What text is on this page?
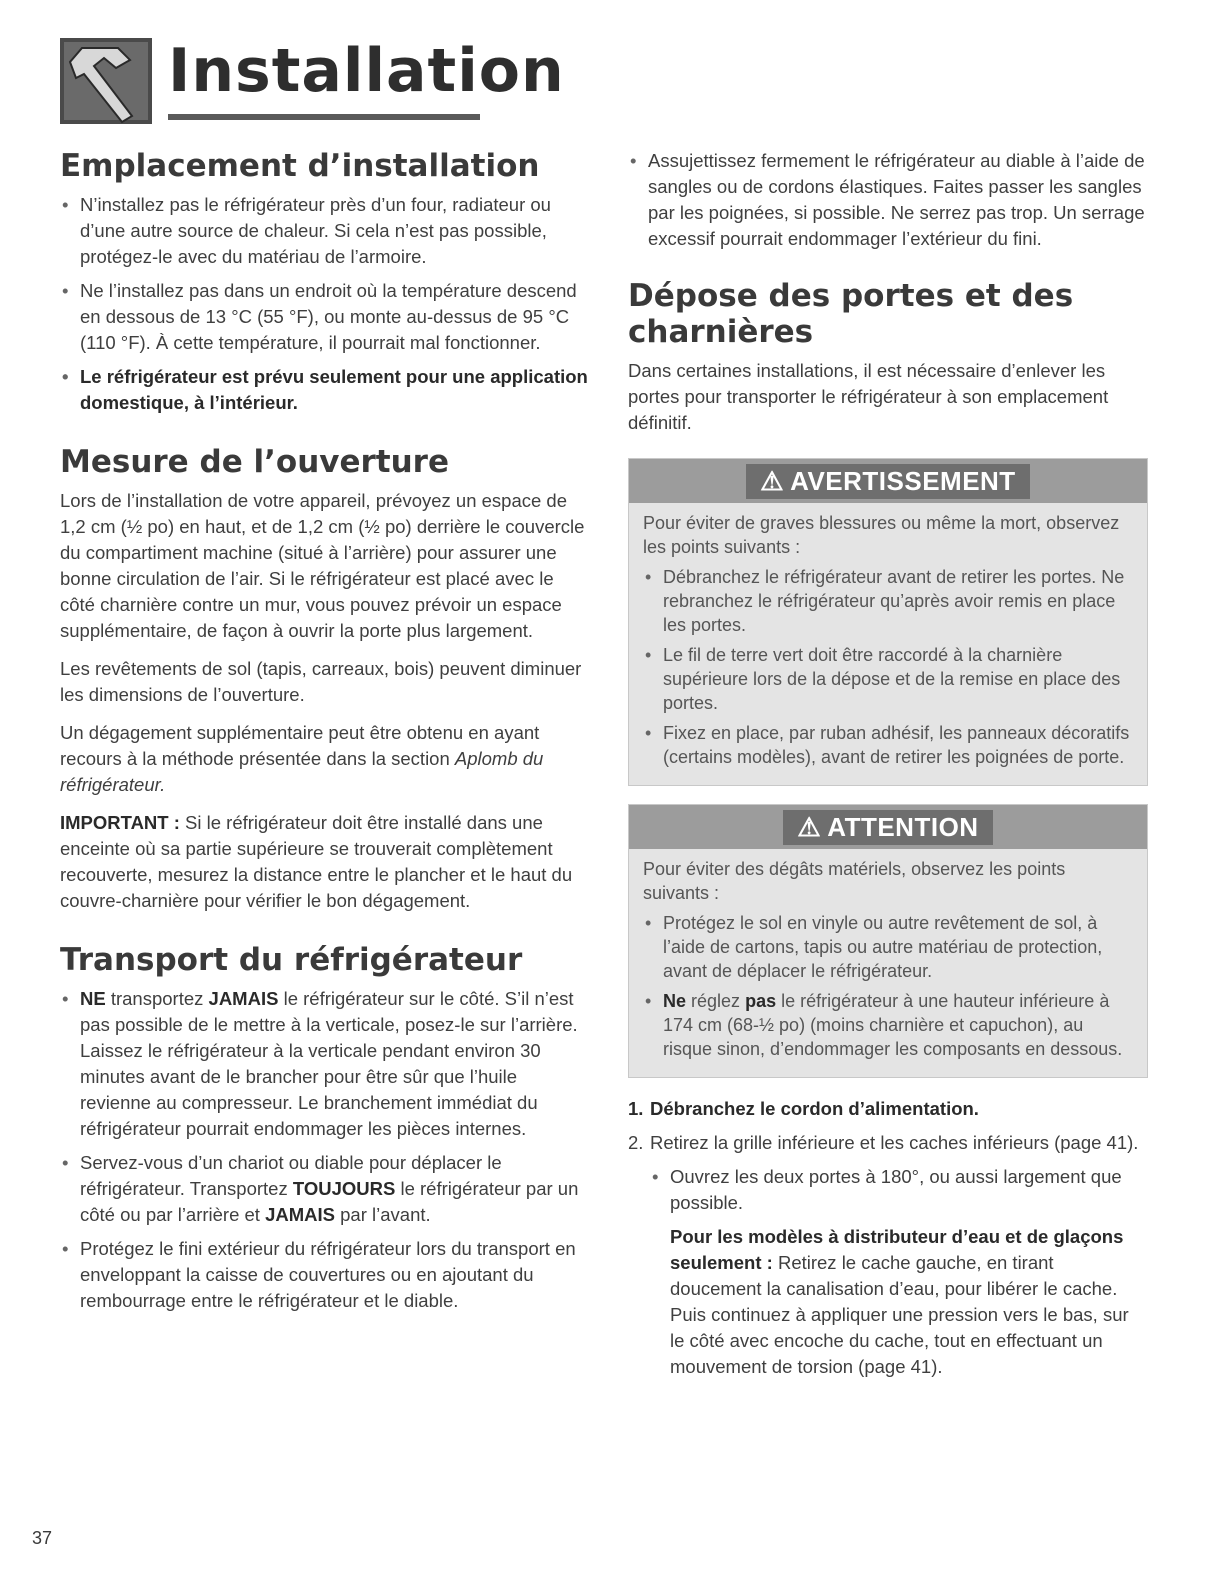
Installation
Emplacement d’installation
• N’installez pas le réfrigérateur près d’un four, radiateur ou d’une autre source de chaleur. Si cela n’est pas possible, protégez-le avec du matériau de l’armoire.
• Ne l’installez pas dans un endroit où la température descend en dessous de 13 °C (55 °F), ou monte au-dessus de 95 °C (110 °F). À cette température, il pourrait mal fonctionner.
• Le réfrigérateur est prévu seulement pour une application domestique, à l’intérieur.
Mesure de l’ouverture

Lors de l’installation de votre appareil, prévoyez un espace de 1,2 cm (½ po) en haut, et de 1,2 cm (½ po) derrière le couvercle du compartiment machine (situé à l’arrière) pour assurer une bonne circulation de l’air. Si le réfrigérateur est placé avec le côté charnière contre un mur, vous pouvez prévoir un espace supplémentaire, de façon à ouvrir la porte plus largement.

Les revêtements de sol (tapis, carreaux, bois) peuvent diminuer les dimensions de l’ouverture.

Un dégagement supplémentaire peut être obtenu en ayant recours à la méthode présentée dans la section Aplomb du réfrigérateur.

IMPORTANT : Si le réfrigérateur doit être installé dans une enceinte où sa partie supérieure se trouverait complètement recouverte, mesurez la distance entre le plancher et le haut du couvre-charnière pour vérifier le bon dégagement.

Transport du réfrigérateur
• NE transportez JAMAIS le réfrigérateur sur le côté. S’il n’est pas possible de le mettre à la verticale, posez-le sur l’arrière. Laissez le réfrigérateur à la verticale pendant environ 30 minutes avant de le brancher pour être sûr que l’huile revienne au compresseur. Le branchement immédiat du réfrigérateur pourrait endommager les pièces internes.
• Servez-vous d’un chariot ou diable pour déplacer le réfrigérateur. Transportez TOUJOURS le réfrigérateur par un côté ou par l’arrière et JAMAIS par l’avant.
• Protégez le fini extérieur du réfrigérateur lors du transport en enveloppant la caisse de couvertures ou en ajoutant du rembourrage entre le réfrigérateur et le diable.
• Assujettissez fermement le réfrigérateur au diable à l’aide de sangles ou de cordons élastiques. Faites passer les sangles par les poignées, si possible. Ne serrez pas trop. Un serrage excessif pourrait endommager l’extérieur du fini.
Dépose des portes et des charnières

Dans certaines installations, il est nécessaire d’enlever les portes pour transporter le réfrigérateur à son emplacement définitif.

⚠ AVERTISSEMENT

Pour éviter de graves blessures ou même la mort, observez les points suivants :

• Débranchez le réfrigérateur avant de retirer les portes. Ne rebranchez le réfrigérateur qu’après avoir remis en place les portes.
• Le fil de terre vert doit être raccordé à la charnière supérieure lors de la dépose et de la remise en place des portes.
• Fixez en place, par ruban adhésif, les panneaux décoratifs (certains modèles), avant de retirer les poignées de porte.
⚠ ATTENTION

Pour éviter des dégâts matériels, observez les points suivants :

• Protégez le sol en vinyle ou autre revêtement de sol, à l’aide de cartons, tapis ou autre matériau de protection, avant de déplacer le réfrigérateur.
• Ne réglez pas le réfrigérateur à une hauteur inférieure à 174 cm (68-½ po) (moins charnière et capuchon), au risque sinon, d’endommager les composants en dessous.
1. Débranchez le cordon d’alimentation.
2. Retirez la grille inférieure et les caches inférieurs (page 41).
• Ouvrez les deux portes à 180°, ou aussi largement que possible.

Pour les modèles à distributeur d’eau et de glaçons seulement : Retirez le cache gauche, en tirant doucement la canalisation d’eau, pour libérer le cache. Puis continuez à appliquer une pression vers le bas, sur le côté avec encoche du cache, tout en effectuant un mouvement de torsion (page 41).

37
